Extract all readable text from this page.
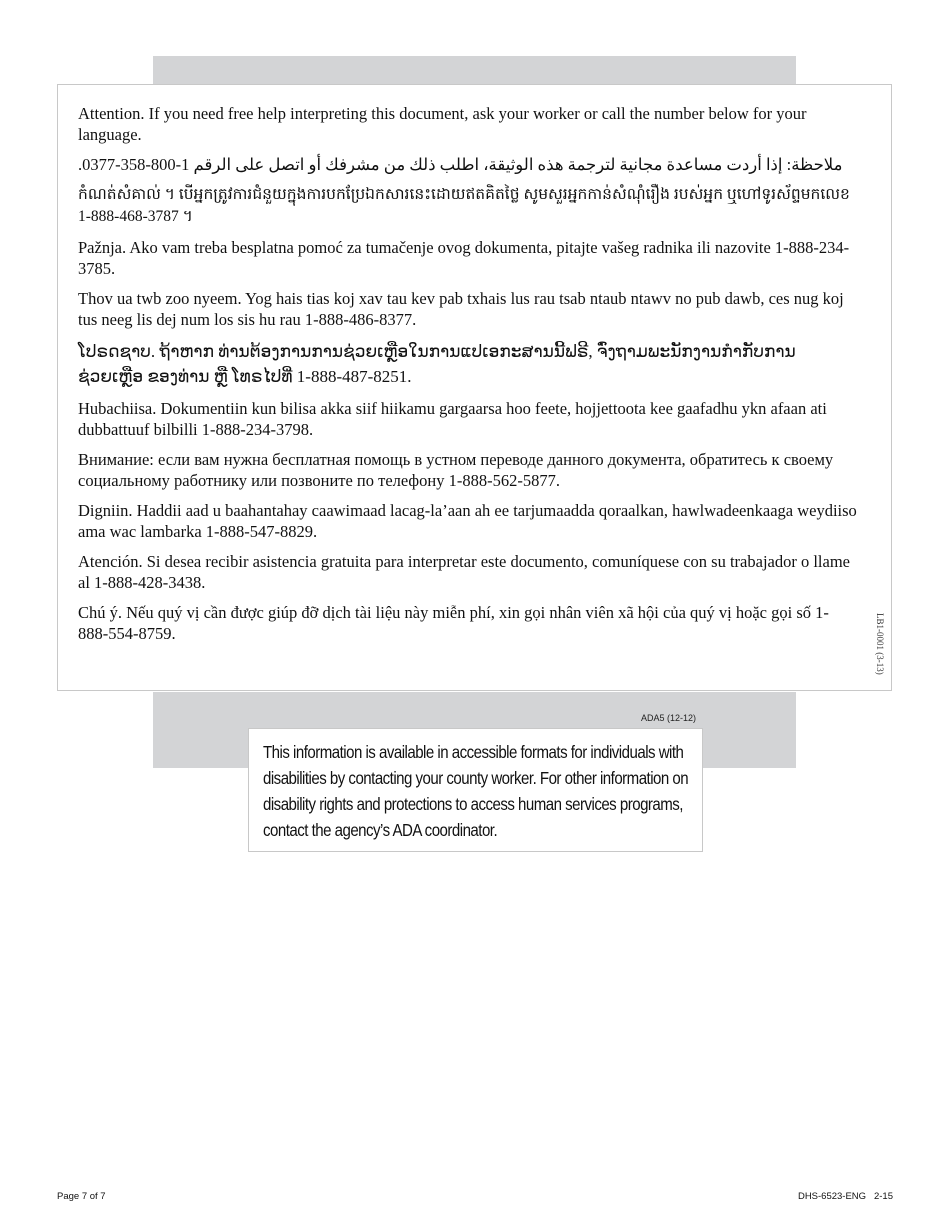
Attention. If you need free help interpreting this document, ask your worker or call the number below for your language.

ملاحظة: إذا أردت مساعدة مجانية لترجمة هذه الوثيقة، اطلب ذلك من مشرفك أو اتصل على الرقم 1-800-358-0377.

កំណត់សំគាល់ ។ បើអ្នកត្រូវការជំនួយក្នុងការបកប្រែឯកសារនេះដោយឥតគិតថ្លៃ សូមសួរអ្នកកាន់សំណុំរឿង របស់អ្នក ឬហៅទូរស័ព្ទមកលេខ 1-888-468-3787 ។

Pažnja. Ako vam treba besplatna pomoć za tumačenje ovog dokumenta, pitajte vašeg radnika ili nazovite 1-888-234-3785.

Thov ua twb zoo nyeem. Yog hais tias koj xav tau kev pab txhais lus rau tsab ntaub ntawv no pub dawb, ces nug koj tus neeg lis dej num los sis hu rau 1-888-486-8377.

ໂປຣດຊາບ. ຖ້າຫາກ ທ່ານຕ້ອງການການຊ່ວຍເຫຼືອໃນການແປເອກະສານນີ້ຟຣີ, ຈົ່ງຖາມພະນັກງານກຳກັບການຊ່ວຍເຫຼືອ ຂອງທ່ານ ຫຼື ໂທຣໄປທີ່ 1-888-487-8251.

Hubachiisa. Dokumentiin kun bilisa akka siif hiikamu gargaarsa hoo feete, hojjettoota kee gaafadhu ykn afaan ati dubbattuuf bilbilli 1-888-234-3798.

Внимание: если вам нужна бесплатная помощь в устном переводе данного документа, обратитесь к своему социальному работнику или позвоните по телефону 1-888-562-5877.

Digniin. Haddii aad u baahantahay caawimaad lacag-la’aan ah ee tarjumaadda qoraalkan, hawlwadeenkaaga weydiiso ama wac lambarka 1-888-547-8829.

Atención. Si desea recibir asistencia gratuita para interpretar este documento, comuníquese con su trabajador o llame al 1-888-428-3438.

Chú ý. Nếu quý vị cần được giúp đỡ dịch tài liệu này miễn phí, xin gọi nhân viên xã hội của quý vị hoặc gọi số 1-888-554-8759.	LB1-0001 (3-13)
ADA5 (12-12)
This information is available in accessible formats for individuals with disabilities by contacting your county worker. For other information on disability rights and protections to access human services programs, contact the agency’s ADA coordinator.
Page 7 of 7	DHS-6523-ENG   2-15
